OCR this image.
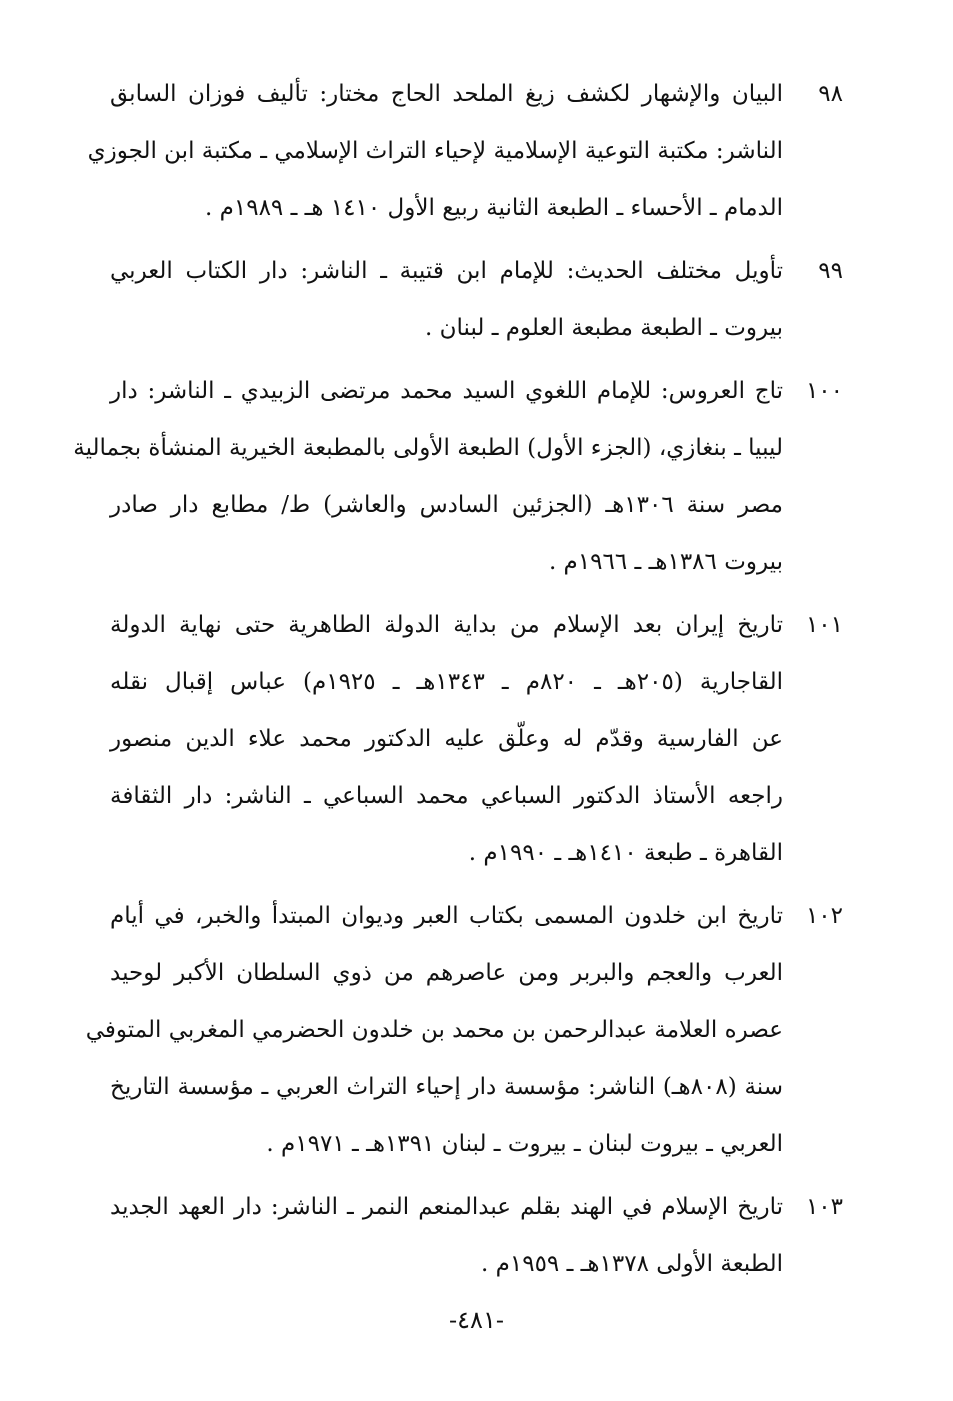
٩٨
البيان والإشهار لكشف زيغ الملحد الحاج مختار: تأليف فوزان السابق
الناشر: مكتبة التوعية الإسلامية لإحياء التراث الإسلامي ـ مكتبة ابن الجوزي
الدمام ـ الأحساء ـ الطبعة الثانية ربيع الأول ١٤١٠ هـ ـ ١٩٨٩م .
٩٩
تأويل مختلف الحديث: للإمام ابن قتيبة ـ الناشر: دار الكتاب العربي
بيروت ـ الطبعة مطبعة العلوم ـ لبنان .
١٠٠
تاج العروس: للإمام اللغوي السيد محمد مرتضى الزبيدي ـ الناشر: دار
ليبيا ـ بنغازي، (الجزء الأول) الطبعة الأولى بالمطبعة الخيرية المنشأة بجمالية
مصر سنة ١٣٠٦هـ (الجزئين السادس والعاشر) ط/ مطابع دار صادر
بيروت ١٣٨٦هـ ـ ١٩٦٦م .
١٠١
تاريخ إيران بعد الإسلام من بداية الدولة الطاهرية حتى نهاية الدولة
القاجارية (٢٠٥هـ ـ ٨٢٠م ـ ١٣٤٣هـ ـ ١٩٢٥م) عباس إقبال نقله
عن الفارسية وقدّم له وعلّق عليه الدكتور محمد علاء الدين منصور
راجعه الأستاذ الدكتور السباعي محمد السباعي ـ الناشر: دار الثقافة
القاهرة ـ طبعة ١٤١٠هـ ـ ١٩٩٠م .
١٠٢
تاريخ ابن خلدون المسمى بكتاب العبر وديوان المبتدأ والخبر، في أيام
العرب والعجم والبربر ومن عاصرهم من ذوي السلطان الأكبر لوحيد
عصره العلامة عبدالرحمن بن محمد بن خلدون الحضرمي المغربي المتوفي
سنة (٨٠٨هـ) الناشر: مؤسسة دار إحياء التراث العربي ـ مؤسسة التاريخ
العربي ـ بيروت لبنان ـ بيروت ـ لبنان ١٣٩١هـ ـ ١٩٧١م .
١٠٣
تاريخ الإسلام في الهند بقلم عبدالمنعم النمر ـ الناشر: دار العهد الجديد
الطبعة الأولى ١٣٧٨هـ ـ ١٩٥٩م .
-٤٨١-
